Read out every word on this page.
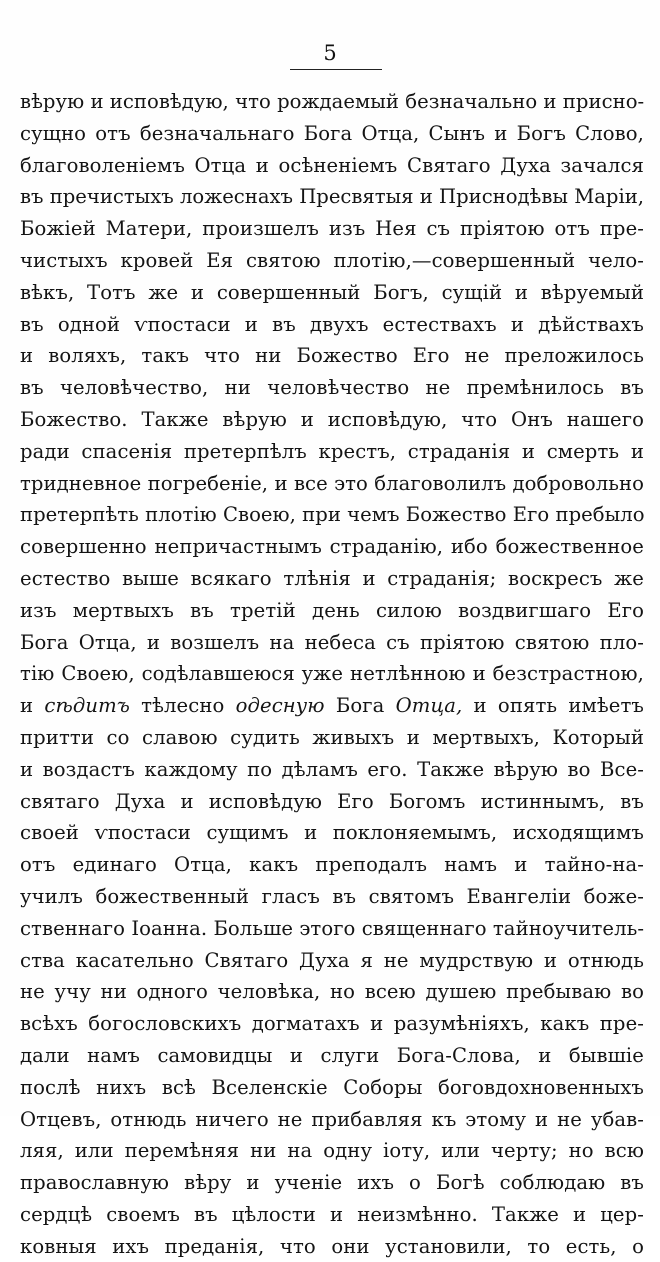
5
вѣрую и исповѣдую, что рождаемый безначально и присно-
сущно отъ безначальнаго Бога Отца, Сынъ и Богъ Слово,
благоволеніемъ Отца и осѣненіемъ Святаго Духа зачался
въ пречистыхъ ложеснахъ Пресвятыя и Приснодѣвы Маріи,
Божіей Матери, произшелъ изъ Нея съ пріятою отъ пре-
чистыхъ кровей Ея святою плотію,—совершенный чело-
вѣкъ, Тотъ же и совершенный Богъ, сущій и вѣруемый
въ одной ѵпостаси и въ двухъ естествахъ и дѣйствахъ
и воляхъ, такъ что ни Божество Его не преложилось
въ человѣчество, ни человѣчество не премѣнилось въ
Божество. Также вѣрую и исповѣдую, что Онъ нашего
ради спасенія претерпѣлъ крестъ, страданія и смерть и
тридневное погребеніе, и все это благоволилъ добровольно
претерпѣть плотію Своею, при чемъ Божество Его пребыло
совершенно непричастнымъ страданію, ибо божественное
естество выше всякаго тлѣнія и страданія; воскресъ же
изъ мертвыхъ въ третій день силою воздвигшаго Его
Бога Отца, и возшелъ на небеса съ пріятою святою пло-
тію Своею, содѣлавшеюся уже нетлѣнною и безстрастною,
и сѣдитъ тѣлесно одесную Бога Отца, и опять имѣетъ
притти со славою судить живыхъ и мертвыхъ, Который
и воздастъ каждому по дѣламъ его. Также вѣрую во Все-
святаго Духа и исповѣдую Его Богомъ истиннымъ, въ
своей ѵпостаси сущимъ и поклоняемымъ, исходящимъ
отъ единаго Отца, какъ преподалъ намъ и тайно-на-
училъ божественный гласъ въ святомъ Евангеліи боже-
ственнаго Іоанна. Больше этого священнаго тайноучитель-
ства касательно Святаго Духа я не мудрствую и отнюдь
не учу ни одного человѣка, но всею душею пребываю во
всѣхъ богословскихъ догматахъ и разумѣніяхъ, какъ пре-
дали намъ самовидцы и слуги Бога-Слова, и бывшіе
послѣ нихъ всѣ Вселенскіе Соборы боговдохновенныхъ
Отцевъ, отнюдь ничего не прибавляя къ этому и не убав-
ляя, или перемѣняя ни на одну іоту, или черту; но всю
православную вѣру и ученіе ихъ о Богѣ соблюдаю въ
сердцѣ своемъ въ цѣлости и неизмѣнно. Также и цер-
ковныя ихъ преданія, что они установили, то есть, о
